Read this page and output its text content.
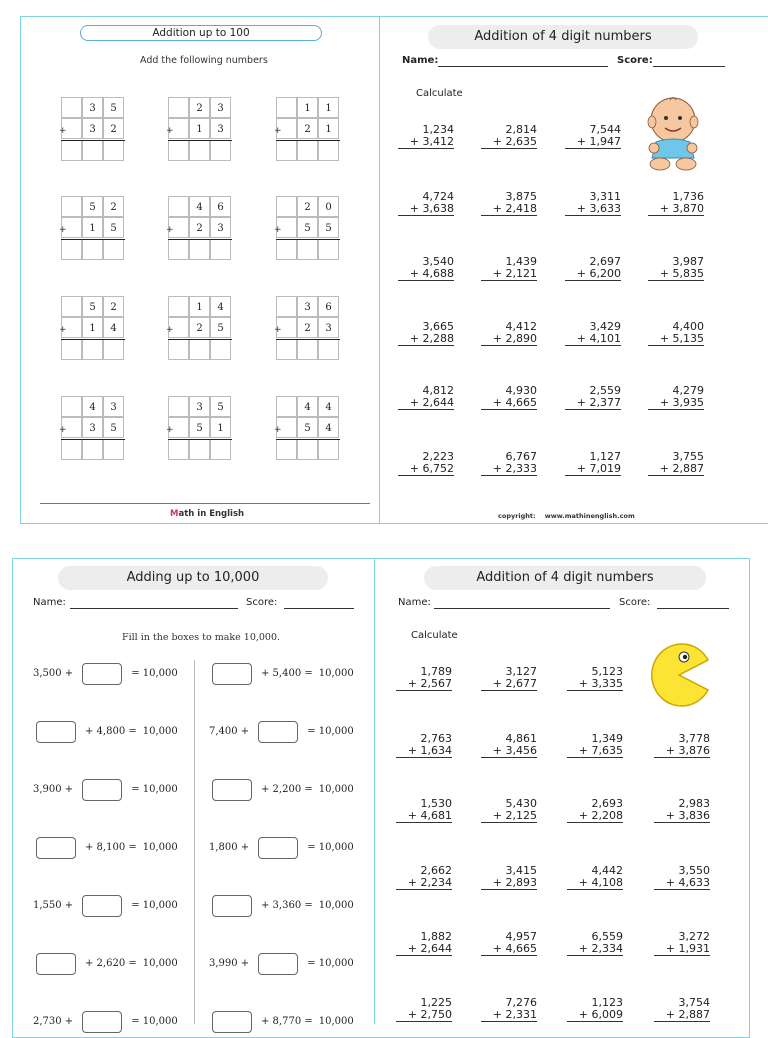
Addition up to 100
Add the following numbers
3	5
3	2
+
2	3
1	3
+
1	1
2	1
+
5	2
1	5
+
4	6
2	3
+
2	0
5	5
+
5	2
1	4
+
1	4
2	5
+
3	6
2	3
+
4	3
3	5
+
3	5
5	1
+
4	4
5	4
+
Math in English
Addition of 4 digit numbers
Name:	Score:
Calculate
1,234
+ 3,412
2,814
+ 2,635
7,544
+ 1,947
4,724
+ 3,638
3,875
+ 2,418
3,311
+ 3,633
1,736
+ 3,870
3,540
+ 4,688
1,439
+ 2,121
2,697
+ 6,200
3,987
+ 5,835
3,665
+ 2,288
4,412
+ 2,890
3,429
+ 4,101
4,400
+ 5,135
4,812
+ 2,644
4,930
+ 4,665
2,559
+ 2,377
4,279
+ 3,935
2,223
+ 6,752
6,767
+ 2,333
1,127
+ 7,019
3,755
+ 2,887
copyright: www.mathinenglish.com
Adding up to 10,000
Name:	Score:
Fill in the boxes to make 10,000.
3,500 +	= 10,000
+ 4,800 = 10,000
3,900 +	= 10,000
+ 8,100 = 10,000
1,550 +	= 10,000
+ 2,620 = 10,000
2,730 +	= 10,000
+ 5,400 = 10,000
7,400 +	= 10,000
+ 2,200 = 10,000
1,800 +	= 10,000
+ 3,360 = 10,000
3,990 +	= 10,000
+ 8,770 = 10,000
Addition of 4 digit numbers
Name:	Score:
Calculate
1,789
+ 2,567
3,127
+ 2,677
5,123
+ 3,335
2,763
+ 1,634
4,861
+ 3,456
1,349
+ 7,635
3,778
+ 3,876
1,530
+ 4,681
5,430
+ 2,125
2,693
+ 2,208
2,983
+ 3,836
2,662
+ 2,234
3,415
+ 2,893
4,442
+ 4,108
3,550
+ 4,633
1,882
+ 2,644
4,957
+ 4,665
6,559
+ 2,334
3,272
+ 1,931
1,225
+ 2,750
7,276
+ 2,331
1,123
+ 6,009
3,754
+ 2,887
